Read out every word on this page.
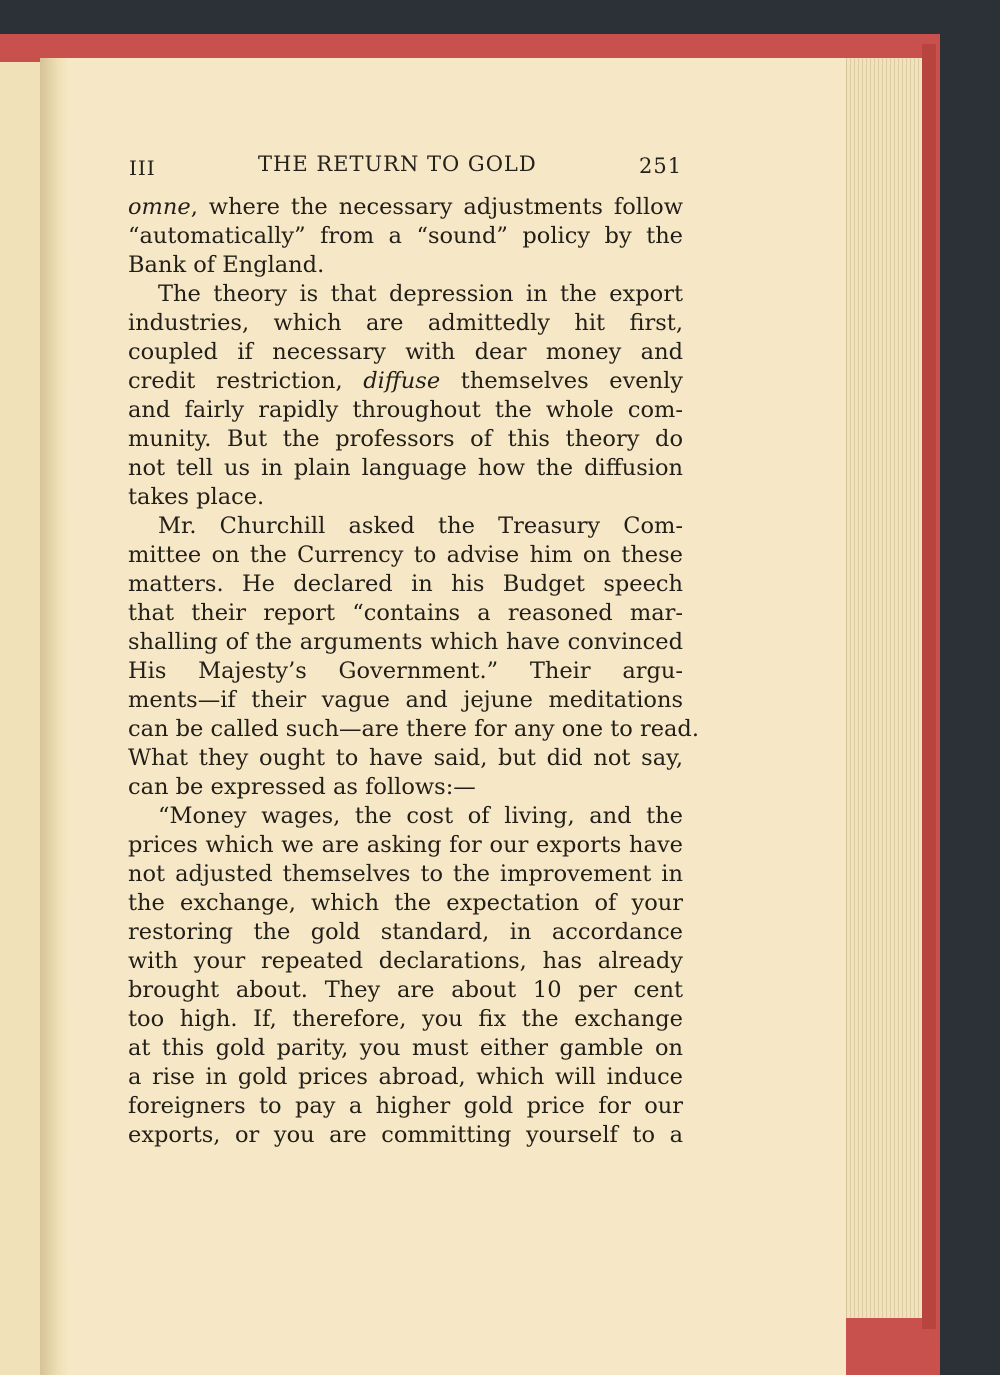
III	THE RETURN TO GOLD	251
omne, where the necessary adjustments follow
“automatically” from a “sound” policy by the
Bank of England.
The theory is that depression in the export
industries, which are admittedly hit first,
coupled if necessary with dear money and
credit restriction, diffuse themselves evenly
and fairly rapidly throughout the whole com-
munity. But the professors of this theory do
not tell us in plain language how the diffusion
takes place.
Mr. Churchill asked the Treasury Com-
mittee on the Currency to advise him on these
matters. He declared in his Budget speech
that their report “contains a reasoned mar-
shalling of the arguments which have convinced
His Majesty’s Government.” Their argu-
ments—if their vague and jejune meditations
can be called such—are there for any one to read.
What they ought to have said, but did not say,
can be expressed as follows:—
“Money wages, the cost of living, and the
prices which we are asking for our exports have
not adjusted themselves to the improvement in
the exchange, which the expectation of your
restoring the gold standard, in accordance
with your repeated declarations, has already
brought about. They are about 10 per cent
too high. If, therefore, you fix the exchange
at this gold parity, you must either gamble on
a rise in gold prices abroad, which will induce
foreigners to pay a higher gold price for our
exports, or you are committing yourself to a
